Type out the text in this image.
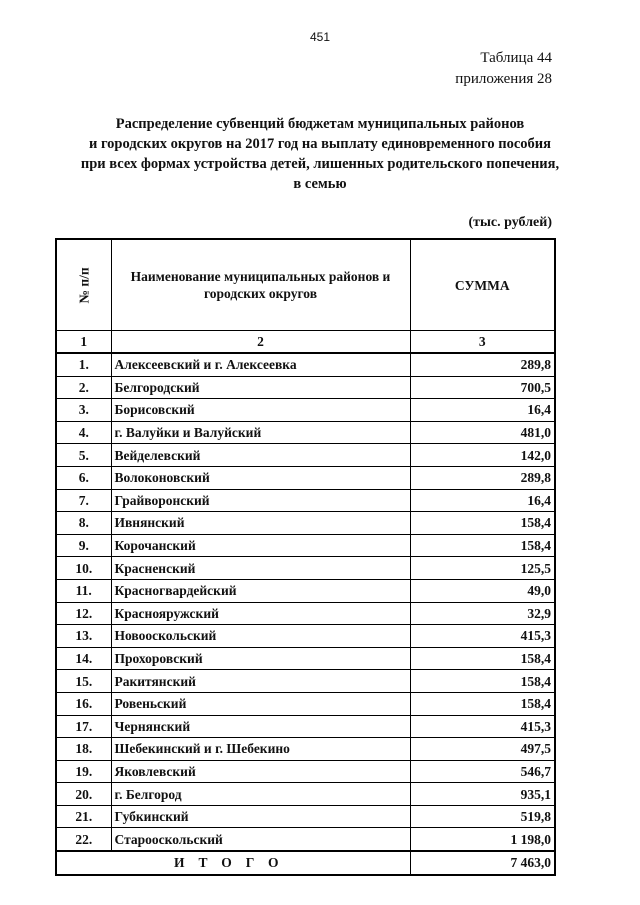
451
Таблица 44
приложения 28
Распределение субвенций бюджетам муниципальных районов
и городских округов на 2017 год на выплату единовременного пособия
при всех формах устройства детей, лишенных родительского попечения,
в семью
(тыс. рублей)
№ п/п	Наименование муниципальных районов и городских округов	СУММА
1	2	3
1.	Алексеевский и г. Алексеевка	289,8
2.	Белгородский	700,5
3.	Борисовский	16,4
4.	г. Валуйки и Валуйский	481,0
5.	Вейделевский	142,0
6.	Волоконовский	289,8
7.	Грайворонский	16,4
8.	Ивнянский	158,4
9.	Корочанский	158,4
10.	Красненский	125,5
11.	Красногвардейский	49,0
12.	Краснояружский	32,9
13.	Новооскольский	415,3
14.	Прохоровский	158,4
15.	Ракитянский	158,4
16.	Ровеньский	158,4
17.	Чернянский	415,3
18.	Шебекинский и г. Шебекино	497,5
19.	Яковлевский	546,7
20.	г. Белгород	935,1
21.	Губкинский	519,8
22.	Старооскольский	1 198,0
ИТОГО		7 463,0
